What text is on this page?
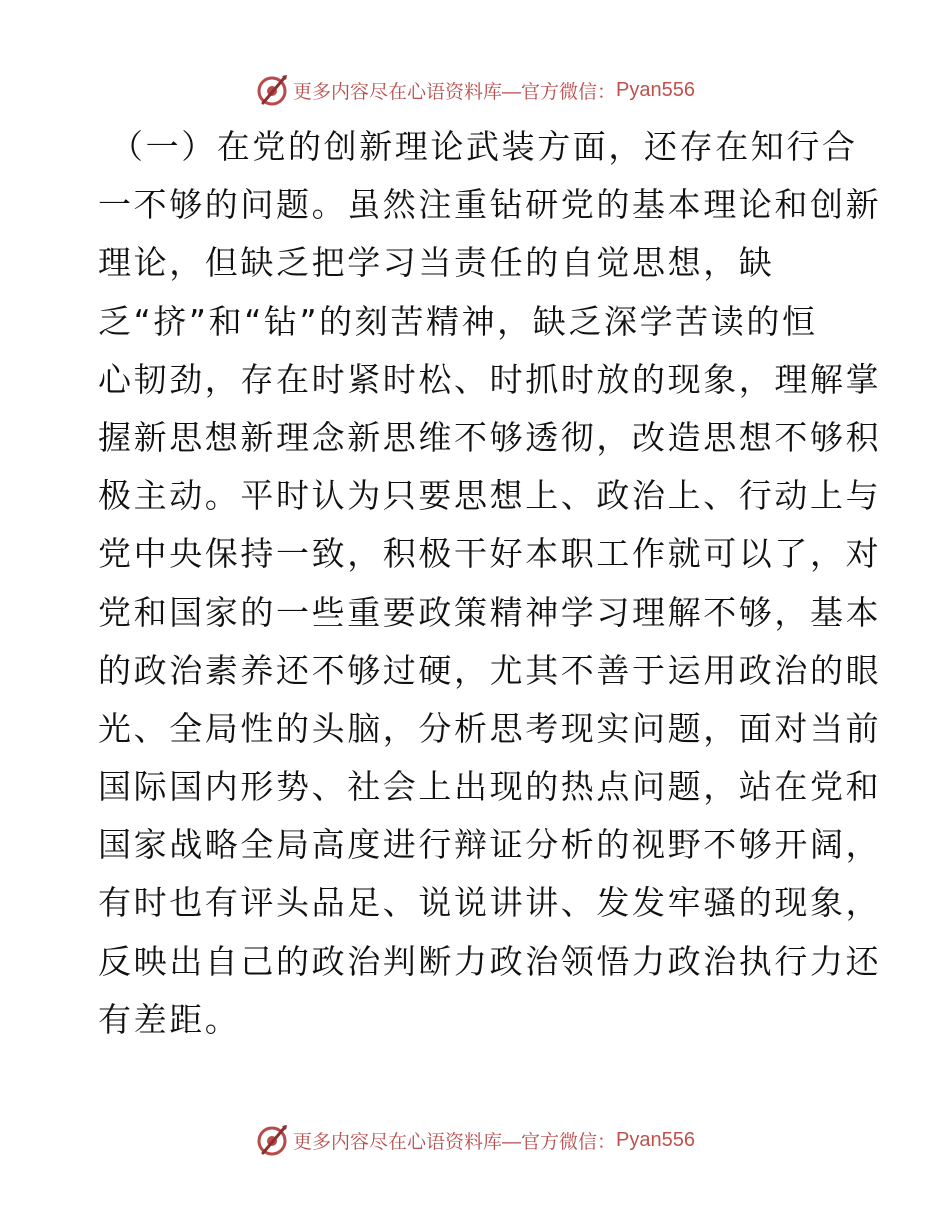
更多内容尽在心语资料库 —官方微信： Pyan556
（一）在党的创新理论武装方面，还存在知行合
一不够的问题。虽然注重钻研党的基本理论和创新
理论，但缺乏把学习当责任的自觉思想，缺
乏“挤”和“钻”的刻苦精神，缺乏深学苦读的恒
心韧劲，存在时紧时松、时抓时放的现象，理解掌
握新思想新理念新思维不够透彻，改造思想不够积
极主动。平时认为只要思想上、政治上、行动上与
党中央保持一致，积极干好本职工作就可以了，对
党和国家的一些重要政策精神学习理解不够，基本
的政治素养还不够过硬，尤其不善于运用政治的眼
光、全局性的头脑，分析思考现实问题，面对当前
国际国内形势、社会上出现的热点问题，站在党和
国家战略全局高度进行辩证分析的视野不够开阔，
有时也有评头品足、说说讲讲、发发牢骚的现象，
反映出自己的政治判断力政治领悟力政治执行力还
有差距。
更多内容尽在心语资料库 —官方微信： Pyan556
